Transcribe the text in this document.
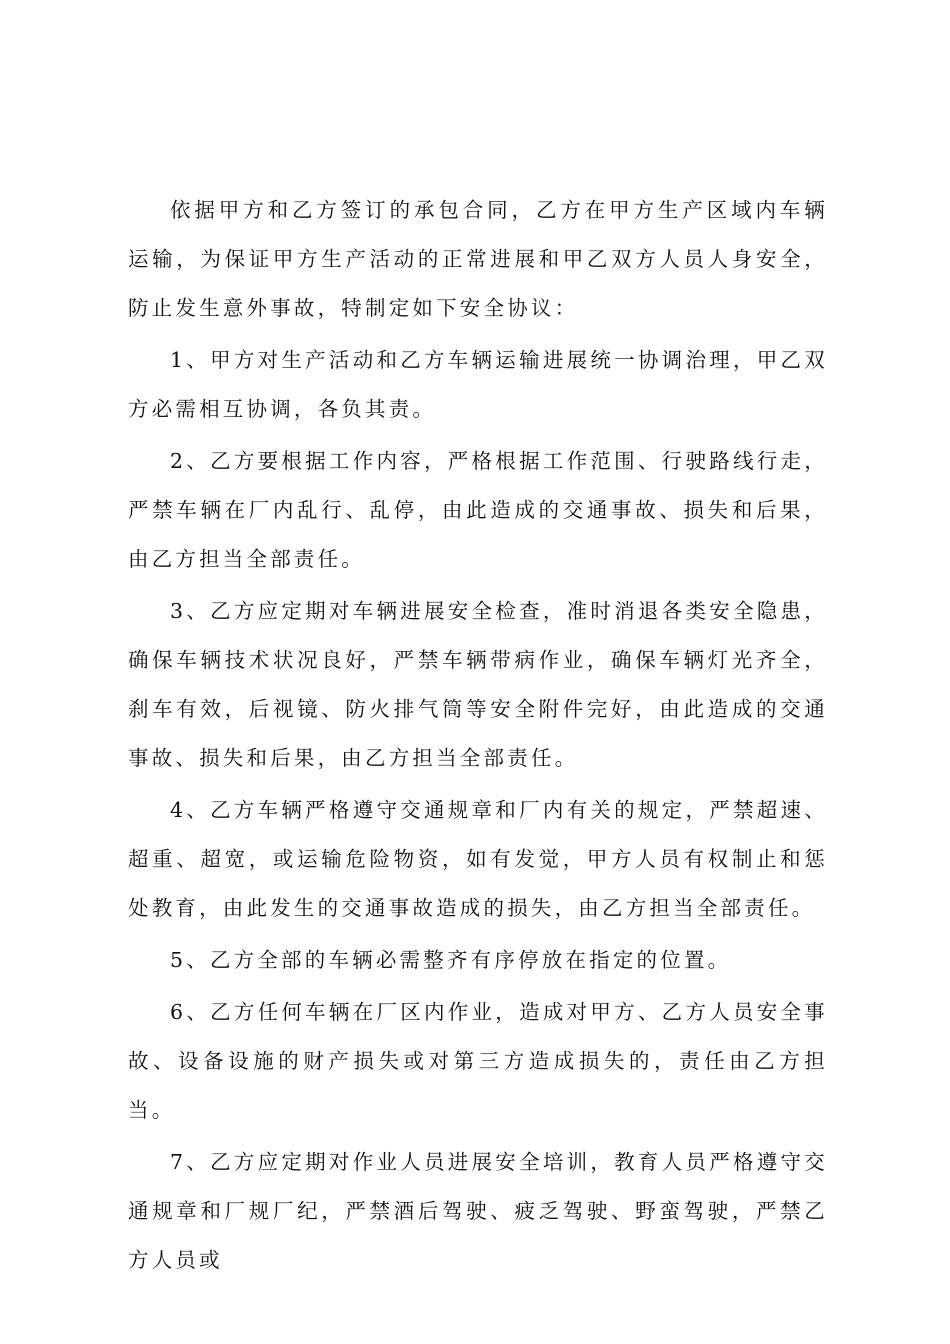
依据甲方和乙方签订的承包合同，乙方在甲方生产区域内车辆运输，为保证甲方生产活动的正常进展和甲乙双方人员人身安全，防止发生意外事故，特制定如下安全协议：

1、甲方对生产活动和乙方车辆运输进展统一协调治理，甲乙双方必需相互协调，各负其责。

2、乙方要根据工作内容，严格根据工作范围、行驶路线行走，严禁车辆在厂内乱行、乱停，由此造成的交通事故、损失和后果，由乙方担当全部责任。

3、乙方应定期对车辆进展安全检查，准时消退各类安全隐患，确保车辆技术状况良好，严禁车辆带病作业，确保车辆灯光齐全，刹车有效，后视镜、防火排气筒等安全附件完好，由此造成的交通事故、损失和后果，由乙方担当全部责任。

4、乙方车辆严格遵守交通规章和厂内有关的规定，严禁超速、超重、超宽，或运输危险物资，如有发觉，甲方人员有权制止和惩处教育，由此发生的交通事故造成的损失，由乙方担当全部责任。

5、乙方全部的车辆必需整齐有序停放在指定的位置。

6、乙方任何车辆在厂区内作业，造成对甲方、乙方人员安全事故、设备设施的财产损失或对第三方造成损失的，责任由乙方担当。

7、乙方应定期对作业人员进展安全培训，教育人员严格遵守交通规章和厂规厂纪，严禁酒后驾驶、疲乏驾驶、野蛮驾驶，严禁乙方人员或
